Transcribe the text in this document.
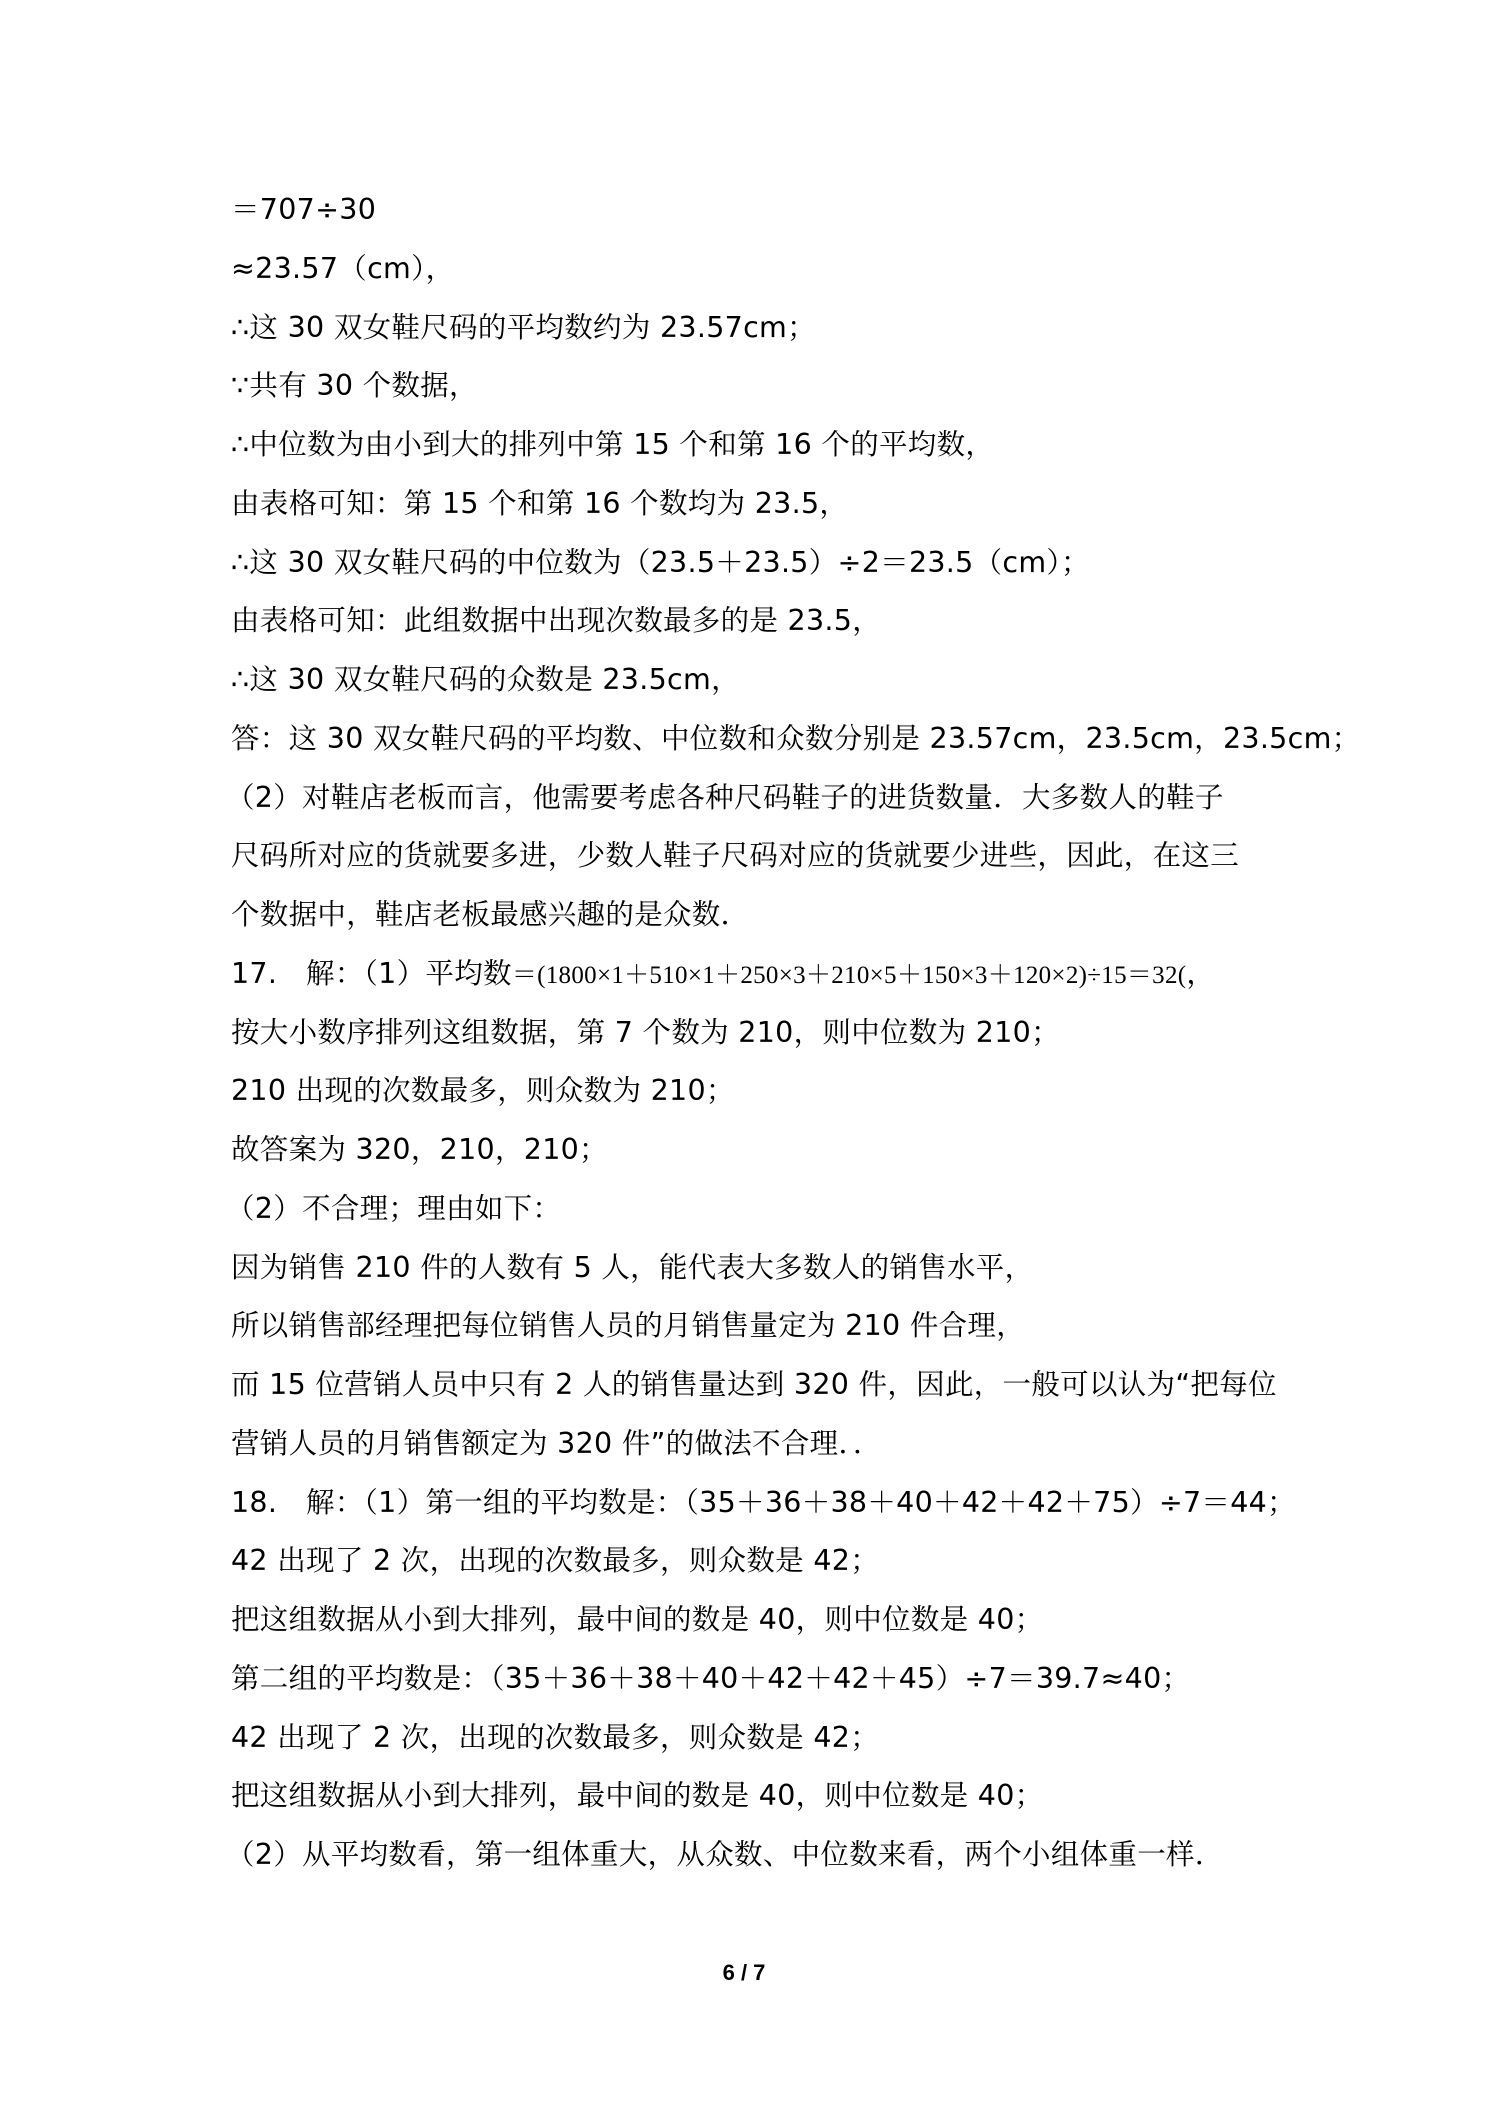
＝707÷30
≈23.57（cm），
∴这 30 双女鞋尺码的平均数约为 23.57cm；
∵共有 30 个数据，
∴中位数为由小到大的排列中第 15 个和第 16 个的平均数，
由表格可知：第 15 个和第 16 个数均为 23.5，
∴这 30 双女鞋尺码的中位数为（23.5＋23.5）÷2＝23.5（cm）；
由表格可知：此组数据中出现次数最多的是 23.5，
∴这 30 双女鞋尺码的众数是 23.5cm，
答：这 30 双女鞋尺码的平均数、中位数和众数分别是 23.57cm，23.5cm，23.5cm；
（2）对鞋店老板而言，他需要考虑各种尺码鞋子的进货数量．大多数人的鞋子
尺码所对应的货就要多进，少数人鞋子尺码对应的货就要少进些，因此，在这三
个数据中，鞋店老板最感兴趣的是众数．
17.　解：（1）平均数＝(1800×1＋510×1＋250×3＋210×5＋150×3＋120×2)÷15＝32(，
按大小数序排列这组数据，第 7 个数为 210，则中位数为 210；
210 出现的次数最多，则众数为 210；
故答案为 320，210，210；
（2）不合理；理由如下：
因为销售 210 件的人数有 5 人，能代表大多数人的销售水平，
所以销售部经理把每位销售人员的月销售量定为 210 件合理，
而 15 位营销人员中只有 2 人的销售量达到 320 件，因此，一般可以认为“把每位
营销人员的月销售额定为 320 件”的做法不合理．．
18.　解：（1）第一组的平均数是：（35＋36＋38＋40＋42＋42＋75）÷7＝44；
42 出现了 2 次，出现的次数最多，则众数是 42；
把这组数据从小到大排列，最中间的数是 40，则中位数是 40；
第二组的平均数是：（35＋36＋38＋40＋42＋42＋45）÷7＝39.7≈40；
42 出现了 2 次，出现的次数最多，则众数是 42；
把这组数据从小到大排列，最中间的数是 40，则中位数是 40；
（2）从平均数看，第一组体重大，从众数、中位数来看，两个小组体重一样．
6 / 7
